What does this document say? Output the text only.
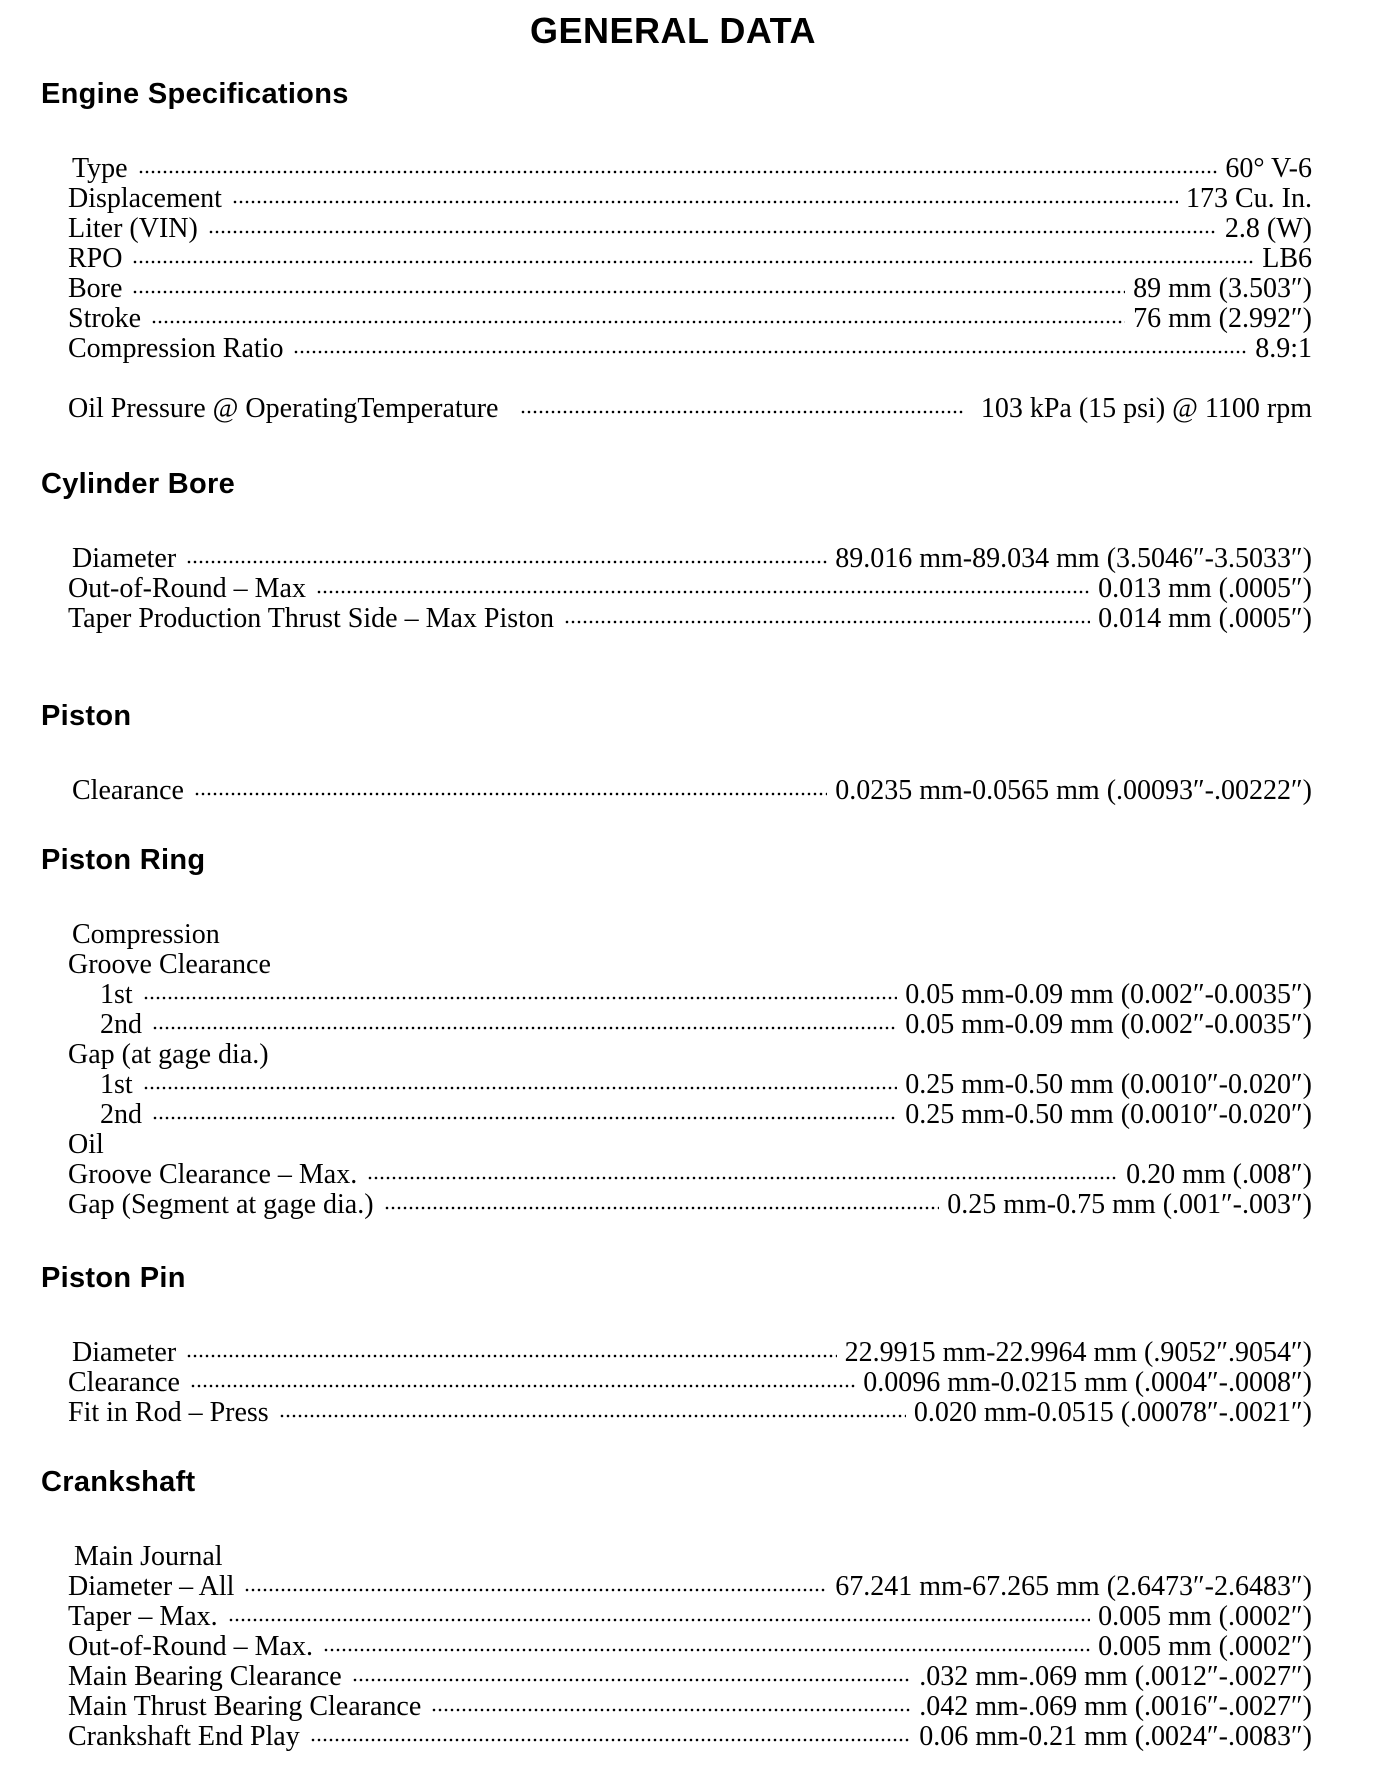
GENERAL DATA
Engine Specifications
Type	60° V-6
Displacement	173 Cu. In.
Liter (VIN)	2.8 (W)
RPO	LB6
Bore	89 mm (3.503″)
Stroke	76 mm (2.992″)
Compression Ratio	8.9:1
Oil Pressure @ OperatingTemperature	103 kPa (15 psi) @ 1100 rpm
Cylinder Bore
Diameter	89.016 mm-89.034 mm (3.5046″-3.5033″)
Out-of-Round – Max	0.013 mm (.0005″)
Taper Production Thrust Side – Max Piston	0.014 mm (.0005″)
Piston
Clearance	0.0235 mm-0.0565 mm (.00093″-.00222″)
Piston Ring
Compression
Groove Clearance
1st	0.05 mm-0.09 mm (0.002″-0.0035″)
2nd	0.05 mm-0.09 mm (0.002″-0.0035″)
Gap (at gage dia.)
1st	0.25 mm-0.50 mm (0.0010″-0.020″)
2nd	0.25 mm-0.50 mm (0.0010″-0.020″)
Oil
Groove Clearance – Max.	0.20 mm (.008″)
Gap (Segment at gage dia.)	0.25 mm-0.75 mm (.001″-.003″)
Piston Pin
Diameter	22.9915 mm-22.9964 mm (.9052″.9054″)
Clearance	0.0096 mm-0.0215 mm (.0004″-.0008″)
Fit in Rod – Press	0.020 mm-0.0515 (.00078″-.0021″)
Crankshaft
Main Journal
Diameter – All	67.241 mm-67.265 mm (2.6473″-2.6483″)
Taper – Max.	0.005 mm (.0002″)
Out-of-Round – Max.	0.005 mm (.0002″)
Main Bearing Clearance	.032 mm-.069 mm (.0012″-.0027″)
Main Thrust Bearing Clearance	.042 mm-.069 mm (.0016″-.0027″)
Crankshaft End Play	0.06 mm-0.21 mm (.0024″-.0083″)
